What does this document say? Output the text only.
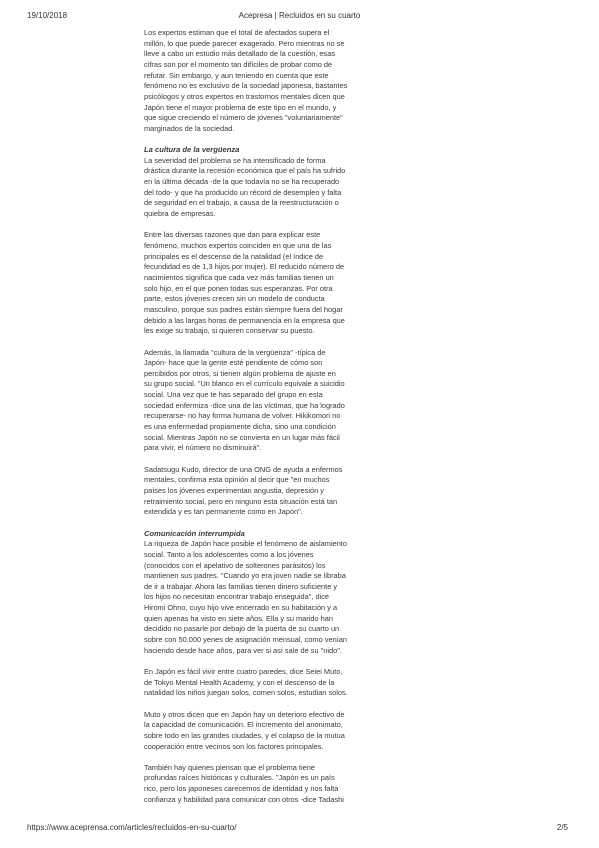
19/10/2018	Acepresa | Recluidos en su cuarto
Los expertos estiman que el total de afectados supera el
millón, lo que puede parecer exagerado. Pero mientras no se
lleve a cabo un estudio más detallado de la cuestión, esas
cifras son por el momento tan difíciles de probar como de
refutar. Sin embargo, y aun teniendo en cuenta que este
fenómeno no es exclusivo de la sociedad japonesa, bastantes
psicólogos y otros expertos en trastornos mentales dicen que
Japón tiene el mayor problema de este tipo en el mundo, y
que sigue creciendo el número de jóvenes "voluntariamente"
marginados de la sociedad.
La cultura de la vergüenza
La severidad del problema se ha intensificado de forma
drástica durante la recesión económica que el país ha sufrido
en la última década -de la que todavía no se ha recuperado
del todo- y que ha producido un récord de desempleo y falta
de seguridad en el trabajo, a causa de la reestructuración o
quiebra de empresas.
Entre las diversas razones que dan para explicar este
fenómeno, muchos expertos coinciden en que una de las
principales es el descenso de la natalidad (el índice de
fecundidad es de 1,3 hijos por mujer). El reducido número de
nacimientos significa que cada vez más familias tienen un
solo hijo, en el que ponen todas sus esperanzas. Por otra
parte, estos jóvenes crecen sin un modelo de conducta
masculino, porque sus padres están siempre fuera del hogar
debido a las largas horas de permanencia en la empresa que
les exige su trabajo, si quieren conservar su puesto.
Además, la llamada "cultura de la vergüenza" -típica de
Japón- hace que la gente esté pendiente de cómo son
percibidos por otros, si tienen algún problema de ajuste en
su grupo social. "Un blanco en el currículo equivale a suicidio
social. Una vez que te has separado del grupo en esta
sociedad enfermiza -dice una de las víctimas, que ha logrado
recuperarse- no hay forma humana de volver. Hikikomori no
es una enfermedad propiamente dicha, sino una condición
social. Mientras Japón no se convierta en un lugar más fácil
para vivir, el número no disminuirá".
Sadatsugu Kudo, director de una ONG de ayuda a enfermos
mentales, confirma esta opinión al decir que "en muchos
países los jóvenes experimentan angustia, depresión y
retraimiento social, pero en ninguno esta situación está tan
extendida y es tan permanente como en Japón".
Comunicación interrumpida
La riqueza de Japón hace posible el fenómeno de aislamiento
social. Tanto a los adolescentes como a los jóvenes
(conocidos con el apelativo de solterones parásitos) los
mantienen sus padres. "Cuando yo era joven nadie se libraba
de ir a trabajar. Ahora las familias tienen dinero suficiente y
los hijos no necesitan encontrar trabajo enseguida", dice
Hiromi Ohno, cuyo hijo vive encerrado en su habitación y a
quien apenas ha visto en siete años. Ella y su marido han
decidido no pasarle por debajo de la puerta de su cuarto un
sobre con 50.000 yenes de asignación mensual, como venían
haciendo desde hace años, para ver si así sale de su "nido".
En Japón es fácil vivir entre cuatro paredes, dice Seiei Muto,
de Tokyo Mental Health Academy, y con el descenso de la
natalidad los niños juegan solos, comen solos, estudian solos.
Muto y otros dicen que en Japón hay un deterioro efectivo de
la capacidad de comunicación. El incremento del anonimato,
sobre todo en las grandes ciudades, y el colapso de la mutua
cooperación entre vecinos son los factores principales.
También hay quienes piensan que el problema tiene
profundas raíces históricas y culturales. "Japón es un país
rico, pero los japoneses carecemos de identidad y nos falta
confianza y habilidad para comunicar con otros -dice Tadashi
https://www.aceprensa.com/articles/recluidos-en-su-cuarto/	2/5
